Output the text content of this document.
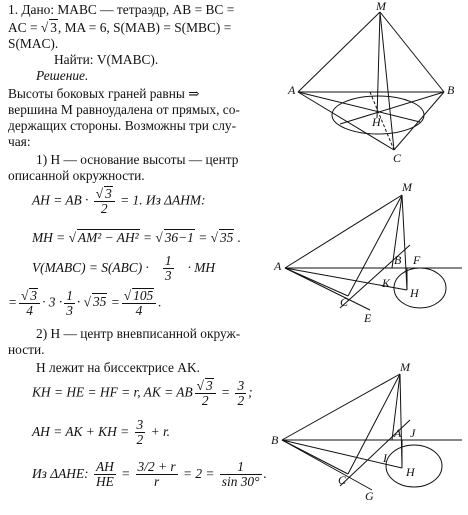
1. Дано: MABC — тетраэдр, AB = BC =
AC = √ 3, MA = 6, S(MAB) = S(MBC) =
S(MAC).
Найти: V(MABC).
Решение.
Высоты боковых граней равны ⇒
вершина M равноудалена от прямых, со-
держащих стороны. Возможны три слу-
чая:
1) H — основание высоты — центр
описанной окружности.
AH = AB · $\frac{√ 3}{2} = 1$. Из ΔAHM:
MH = √ AM² − AH² = √ 36−1 = √ 35 .
V(MABC) = $S(ABC) \cdot \frac{1}{3}$ · MH
= $\frac{√ 3}{4} \cdot 3 \cdot \frac{1}{3}$ · √ $35 = \frac{√ 105}{4}$ .
2) H — центр вневписанной окруж-
ности.
H лежит на биссектрисе AK.
KH = HE = HF = r, AK = AB $\frac{√ 3}{2} = \frac{3}{2}$ ;
AH = AK + KH = $\frac{3}{2} + r$.
Из ΔAHE: $\frac{AH}{HE} = \frac{3/2 + r}{r} = 2 = \frac{1}{\sin 30^\circ}$ .
M
A	B
C
H
M
A	B F
K
H
C
E
M
B	A J
I
H
C
G
